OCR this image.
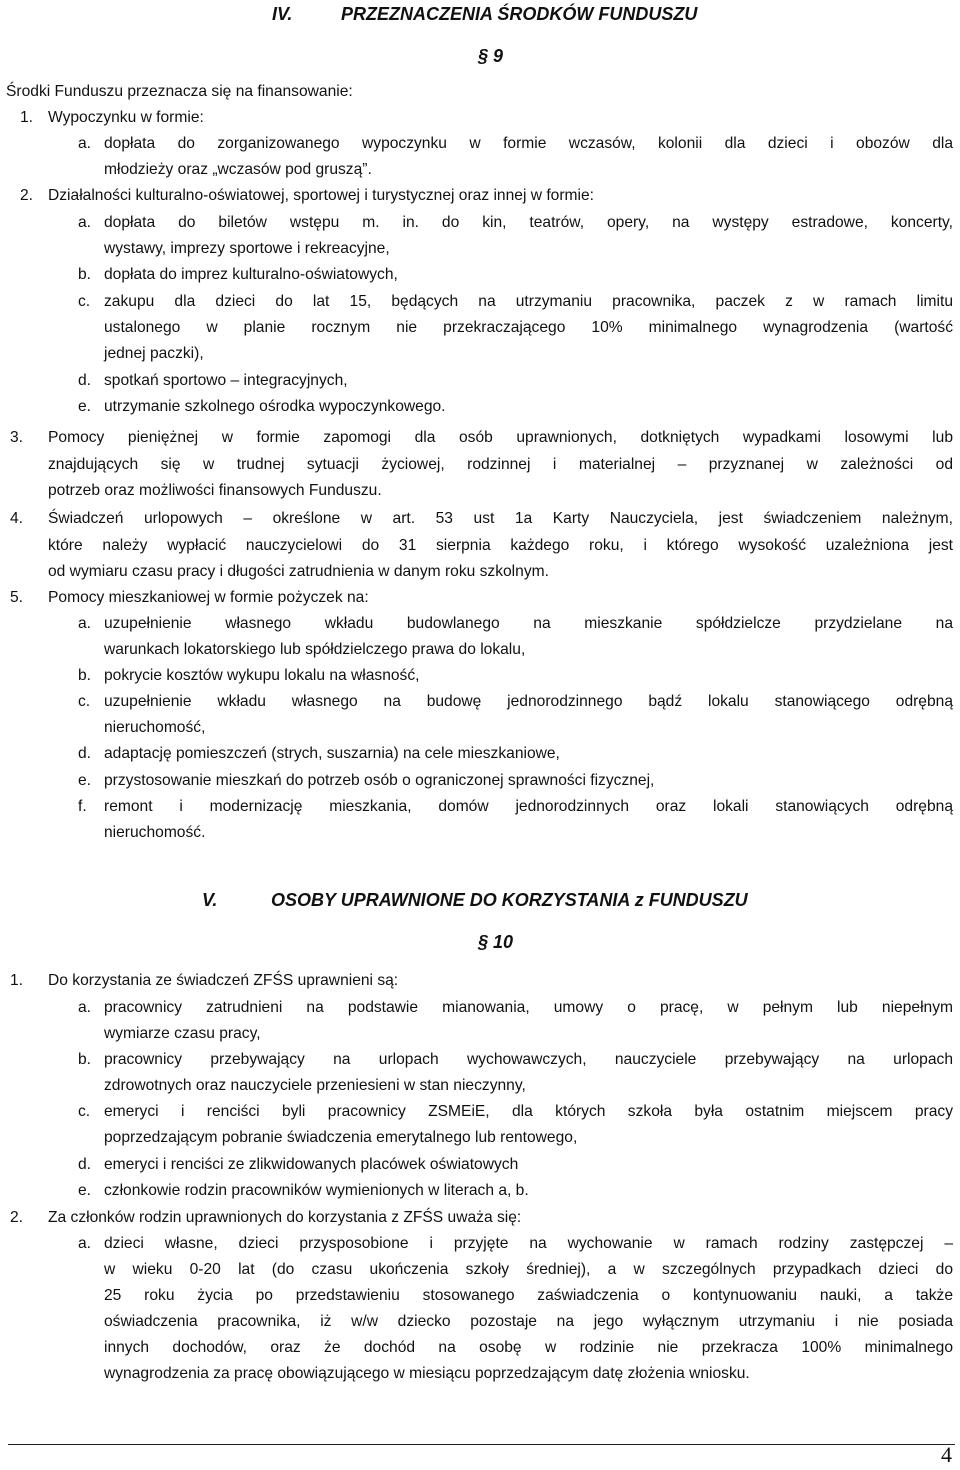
IV.	PRZEZNACZENIA ŚRODKÓW FUNDUSZU
§ 9
Środki Funduszu przeznacza się na finansowanie:
1. Wypoczynku w formie:
a. dopłata do zorganizowanego wypoczynku w formie wczasów, kolonii dla dzieci i obozów dla
młodzieży oraz „wczasów pod gruszą”.
2. Działalności kulturalno-oświatowej, sportowej i turystycznej oraz innej w formie:
a. dopłata do biletów wstępu m. in. do kin, teatrów, opery, na występy estradowe, koncerty,
wystawy, imprezy sportowe i rekreacyjne,
b. dopłata do imprez kulturalno-oświatowych,
c. zakupu dla dzieci do lat 15, będących na utrzymaniu pracownika, paczek z w ramach limitu
ustalonego w planie rocznym nie przekraczającego 10% minimalnego wynagrodzenia (wartość
jednej paczki),
d. spotkań sportowo – integracyjnych,
e. utrzymanie szkolnego ośrodka wypoczynkowego.
3. Pomocy pieniężnej w formie zapomogi dla osób uprawnionych, dotkniętych wypadkami losowymi lub
znajdujących się w trudnej sytuacji życiowej, rodzinnej i materialnej – przyznanej w zależności od
potrzeb oraz możliwości finansowych Funduszu.
4. Świadczeń urlopowych – określone w art. 53 ust 1a Karty Nauczyciela, jest świadczeniem należnym,
które należy wypłacić nauczycielowi do 31 sierpnia każdego roku, i którego wysokość uzależniona jest
od wymiaru czasu pracy i długości zatrudnienia w danym roku szkolnym.
5. Pomocy mieszkaniowej w formie pożyczek na:
a. uzupełnienie własnego wkładu budowlanego na mieszkanie spółdzielcze przydzielane na
warunkach lokatorskiego lub spółdzielczego prawa do lokalu,
b. pokrycie kosztów wykupu lokalu na własność,
c. uzupełnienie wkładu własnego na budowę jednorodzinnego bądź lokalu stanowiącego odrębną
nieruchomość,
d. adaptację pomieszczeń (strych, suszarnia) na cele mieszkaniowe,
e. przystosowanie mieszkań do potrzeb osób o ograniczonej sprawności fizycznej,
f. remont i modernizację mieszkania, domów jednorodzinnych oraz lokali stanowiących odrębną
nieruchomość.
V.	OSOBY UPRAWNIONE DO KORZYSTANIA z FUNDUSZU
§ 10
1. Do korzystania ze świadczeń ZFŚS uprawnieni są:
a. pracownicy zatrudnieni na podstawie mianowania, umowy o pracę, w pełnym lub niepełnym
wymiarze czasu pracy,
b. pracownicy przebywający na urlopach wychowawczych, nauczyciele przebywający na urlopach
zdrowotnych oraz nauczyciele przeniesieni w stan nieczynny,
c. emeryci i renciści byli pracownicy ZSMEiE, dla których szkoła była ostatnim miejscem pracy
poprzedzającym pobranie świadczenia emerytalnego lub rentowego,
d. emeryci i renciści ze zlikwidowanych placówek oświatowych
e. członkowie rodzin pracowników wymienionych w literach a, b.
2. Za członków rodzin uprawnionych do korzystania z ZFŚS uważa się:
a. dzieci własne, dzieci przysposobione i przyjęte na wychowanie w ramach rodziny zastępczej –
w wieku 0-20 lat (do czasu ukończenia szkoły średniej), a w szczególnych przypadkach dzieci do
25 roku życia po przedstawieniu stosowanego zaświadczenia o kontynuowaniu nauki, a także
oświadczenia pracownika, iż w/w dziecko pozostaje na jego wyłącznym utrzymaniu i nie posiada
innych dochodów, oraz że dochód na osobę w rodzinie nie przekracza 100% minimalnego
wynagrodzenia za pracę obowiązującego w miesiącu poprzedzającym datę złożenia wniosku.
4
